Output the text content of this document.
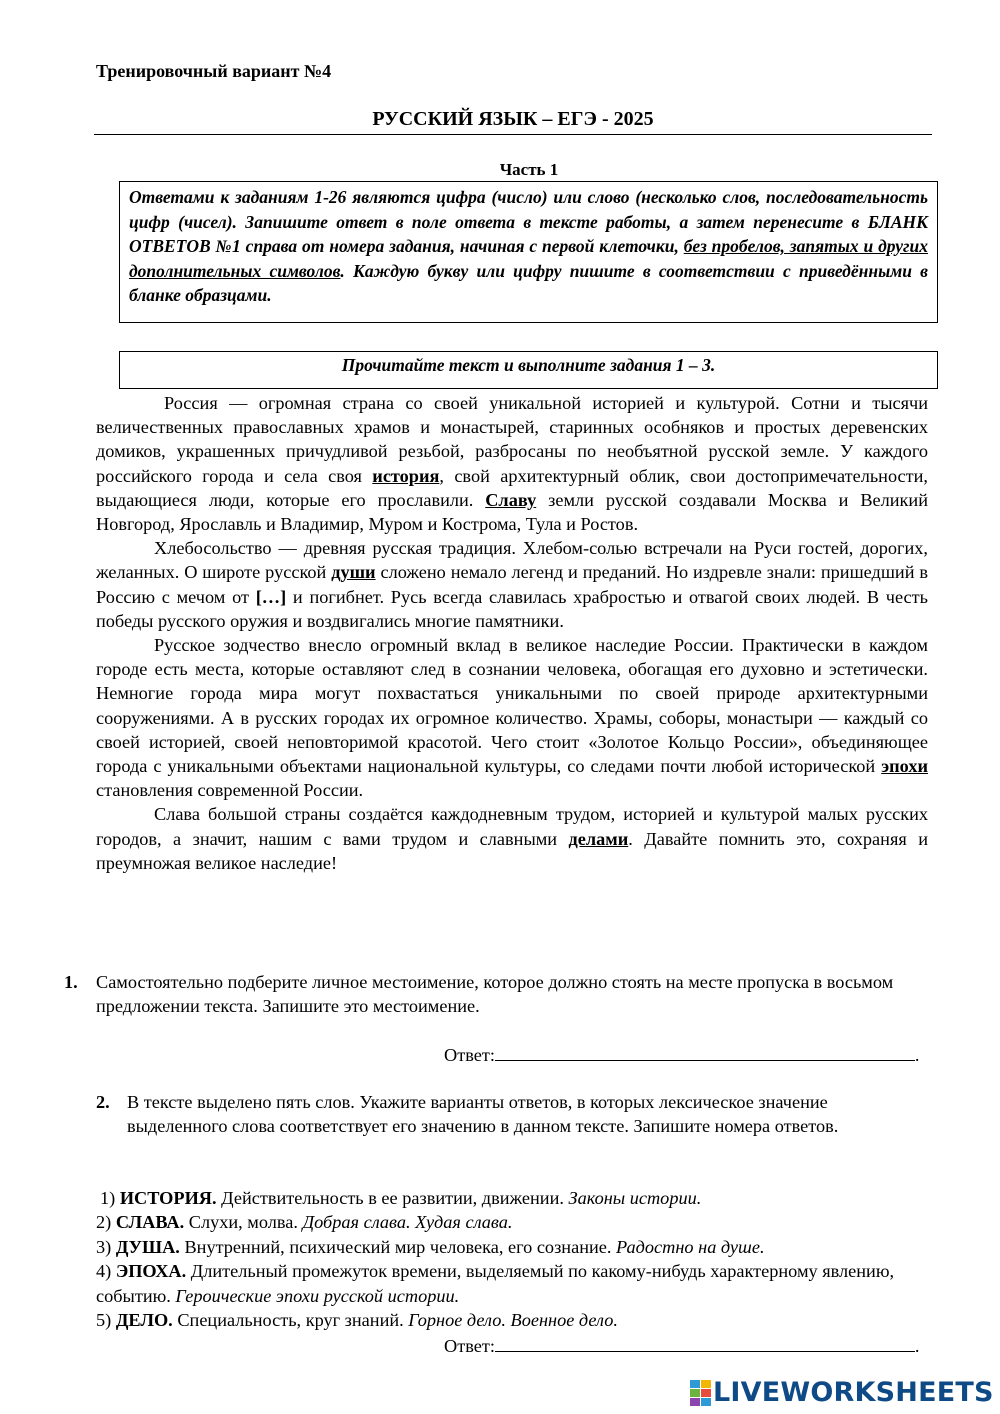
Тренировочный вариант №4
РУССКИЙ ЯЗЫК – ЕГЭ - 2025
Часть 1
Ответами к заданиям 1-26 являются цифра (число) или слово (несколько слов, последовательность цифр (чисел). Запишите ответ в поле ответа в тексте работы, а затем перенесите в БЛАНК ОТВЕТОВ №1 справа от номера задания, начиная с первой клеточки, без пробелов, запятых и других дополнительных символов. Каждую букву или цифру пишите в соответствии с приведёнными в бланке образцами.
Прочитайте текст и выполните задания 1 – 3.

Россия — огромная страна со своей уникальной историей и культурой. Сотни и тысячи величественных православных храмов и монастырей, старинных особняков и простых деревенских домиков, украшенных причудливой резьбой, разбросаны по необъятной русской земле. У каждого российского города и села своя история, свой архитектурный облик, свои достопримечательности, выдающиеся люди, которые его прославили. Славу земли русской создавали Москва и Великий Новгород, Ярославль и Владимир, Муром и Кострома, Тула и Ростов.

Хлебосольство — древняя русская традиция. Хлебом-солью встречали на Руси гостей, дорогих, желанных. О широте русской души сложено немало легенд и преданий. Но издревле знали: пришедший в Россию с мечом от […] и погибнет. Русь всегда славилась храбростью и отвагой своих людей. В честь победы русского оружия и воздвигались многие памятники.

Русское зодчество внесло огромный вклад в великое наследие России. Практически в каждом городе есть места, которые оставляют след в сознании человека, обогащая его духовно и эстетически. Немногие города мира могут похвастаться уникальными по своей природе архитектурными сооружениями. А в русских городах их огромное количество. Храмы, соборы, монастыри — каждый со своей историей, своей неповторимой красотой. Чего стоит «Золотое Кольцо России», объединяющее города с уникальными объектами национальной культуры, со следами почти любой исторической эпохи становления современной России.

Слава большой страны создаётся каждодневным трудом, историей и культурой малых русских городов, а значит, нашим с вами трудом и славными делами. Давайте помнить это, сохраняя и преумножая великое наследие!

1. Самостоятельно подберите личное местоимение, которое должно стоять на месте пропуска в восьмом предложении текста. Запишите это местоимение.
Ответ:	.
2. В тексте выделено пять слов. Укажите варианты ответов, в которых лексическое значение выделенного слова соответствует его значению в данном тексте. Запишите номера ответов.

1) ИСТОРИЯ. Действительность в ее развитии, движении. Законы истории.

2) СЛАВА. Слухи, молва. Добрая слава. Худая слава.

3) ДУША. Внутренний, психический мир человека, его сознание. Радостно на душе.

4) ЭПОХА. Длительный промежуток времени, выделяемый по какому-нибудь характерному явлению, событию. Героические эпохи русской истории.

5) ДЕЛО. Специальность, круг знаний. Горное дело. Военное дело.

Ответ:	.
LIVEWORKSHEETS
